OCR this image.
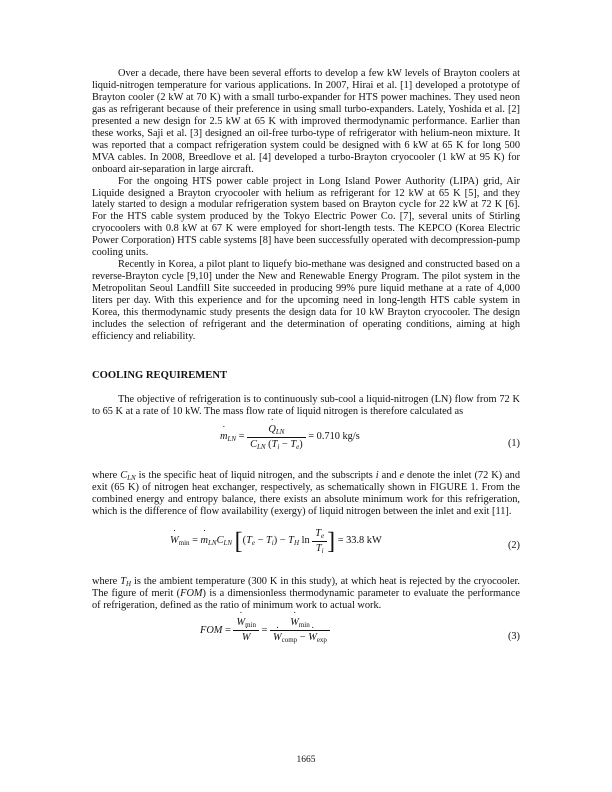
Over a decade, there have been several efforts to develop a few kW levels of Brayton coolers at liquid-nitrogen temperature for various applications. In 2007, Hirai et al. [1] developed a prototype of Brayton cooler (2 kW at 70 K) with a small turbo-expander for HTS power machines. They used neon gas as refrigerant because of their preference in using small turbo-expanders. Lately, Yoshida et al. [2] presented a new design for 2.5 kW at 65 K with improved thermodynamic performance. Earlier than these works, Saji et al. [3] designed an oil-free turbo-type of refrigerator with helium-neon mixture. It was reported that a compact refrigeration system could be designed with 6 kW at 65 K for long 500 MVA cables. In 2008, Breedlove et al. [4] developed a turbo-Brayton cryocooler (1 kW at 95 K) for onboard air-separation in large aircraft.

For the ongoing HTS power cable project in Long Island Power Authority (LIPA) grid, Air Liquide designed a Brayton cryocooler with helium as refrigerant for 12 kW at 65 K [5], and they lately started to design a modular refrigeration system based on Brayton cycle for 22 kW at 72 K [6]. For the HTS cable system produced by the Tokyo Electric Power Co. [7], several units of Stirling cryocoolers with 0.8 kW at 67 K were employed for short-length tests. The KEPCO (Korea Electric Power Corporation) HTS cable systems [8] have been successfully operated with decompression-pump cooling units.

Recently in Korea, a pilot plant to liquefy bio-methane was designed and constructed based on a reverse-Brayton cycle [9,10] under the New and Renewable Energy Program. The pilot system in the Metropolitan Seoul Landfill Site succeeded in producing 99% pure liquid methane at a rate of 4,000 liters per day. With this experience and for the upcoming need in long-length HTS cable system in Korea, this thermodynamic study presents the design data for 10 kW Brayton cryocooler. The design includes the selection of refrigerant and the determination of operating conditions, aiming at high efficiency and reliability.

COOLING REQUIREMENT

The objective of refrigeration is to continuously sub-cool a liquid-nitrogen (LN) flow from 72 K to 65 K at a rate of 10 kW. The mass flow rate of liquid nitrogen is therefore calculated as

˙ $m_{LN}$ = ˙ $\frac{Q_{LN}}{C_{LN} (T_i - T_e)} = 0.710$ kg/s
(1)

where $C_{LN}$ is the specific heat of liquid nitrogen, and the subscripts i and e denote the inlet (72 K) and exit (65 K) of nitrogen heat exchanger, respectively, as schematically shown in FIGURE 1. From the combined energy and entropy balance, there exists an absolute minimum work for this refrigeration, which is the difference of flow availability (exergy) of liquid nitrogen between the inlet and exit [11].

˙ $W_{min}$ = ˙ $m_{LN}C_{LN}$ [$(T_e - T_i) - T_H$ $\ln \frac{T_e}{T_i}$ ] = 33.8 kW	(2)

where $T_H$ is the ambient temperature (300 K in this study), at which heat is rejected by the cryocooler. The figure of merit (FOM) is a dimensionless thermodynamic parameter to evaluate the performance of refrigeration, defined as the ratio of minimum work to actual work.

FOM = ˙ $W_{min}$
˙ W = ˙ $W_{min}$
˙ $W_{comp}$ − ˙ $W_{exp}$	(3)
1665
